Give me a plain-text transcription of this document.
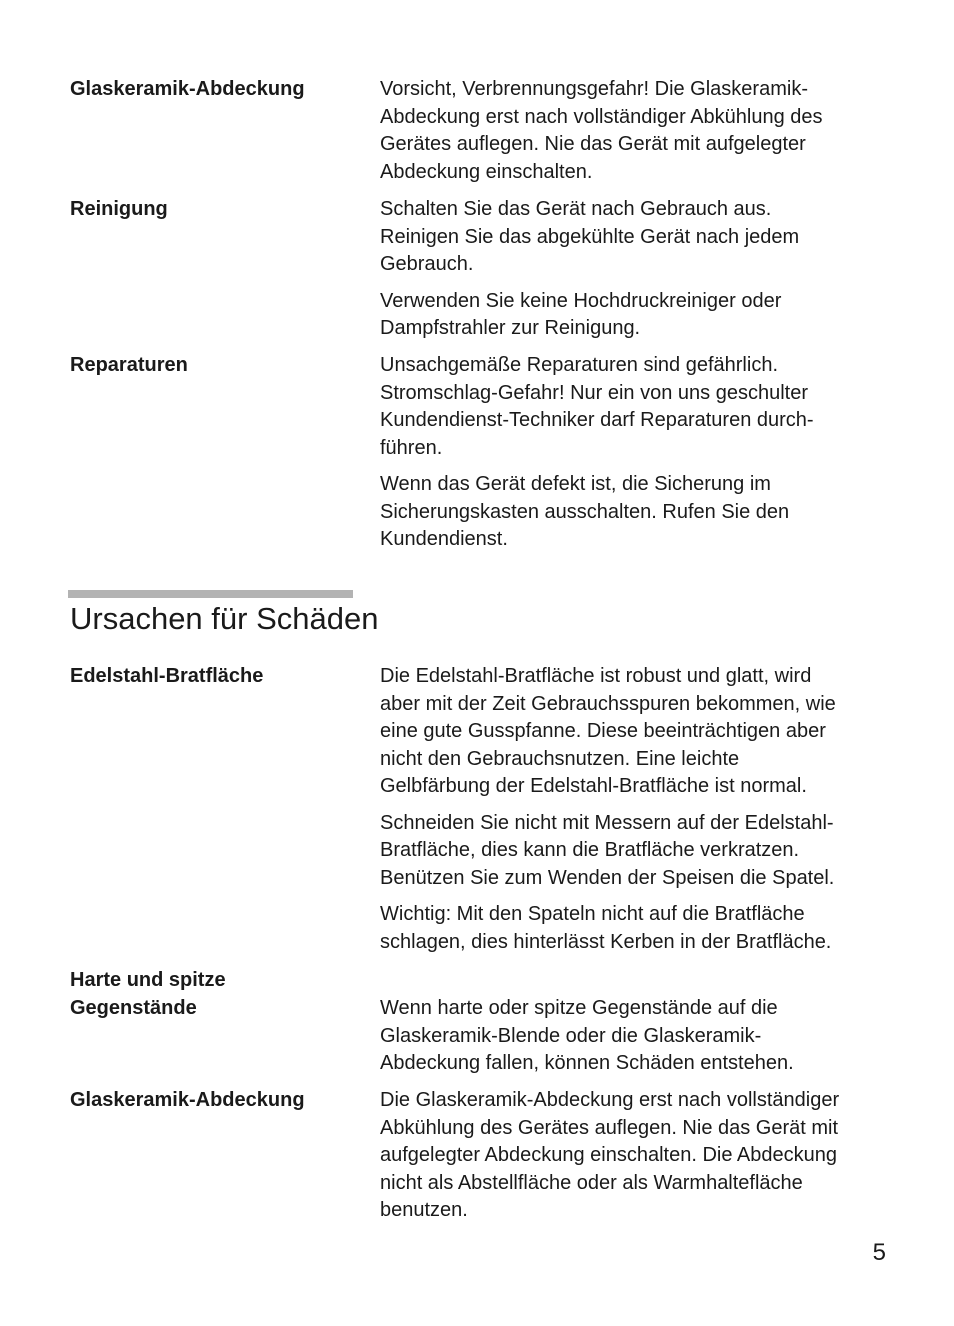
Glaskeramik-Abdeckung	Vorsicht, Verbrennungsgefahr! Die Glaskeramik-
Abdeckung erst nach vollständiger Abkühlung des
Gerätes auflegen. Nie das Gerät mit aufgelegter
Abdeckung einschalten.

Reinigung	Schalten Sie das Gerät nach Gebrauch aus.
Reinigen Sie das abgekühlte Gerät nach jedem
Gebrauch.

Verwenden Sie keine Hochdruckreiniger oder
Dampfstrahler zur Reinigung.

Reparaturen	Unsachgemäße Reparaturen sind gefährlich.
Stromschlag-Gefahr! Nur ein von uns geschulter
Kundendienst-Techniker darf Reparaturen durch-
führen.

Wenn das Gerät defekt ist, die Sicherung im
Sicherungskasten ausschalten. Rufen Sie den
Kundendienst.

Ursachen für Schäden
Edelstahl-Bratfläche	Die Edelstahl-Bratfläche ist robust und glatt, wird
aber mit der Zeit Gebrauchsspuren bekommen, wie
eine gute Gusspfanne. Diese beeinträchtigen aber
nicht den Gebrauchsnutzen. Eine leichte
Gelbfärbung der Edelstahl-Bratfläche ist normal.

Schneiden Sie nicht mit Messern auf der Edelstahl-
Bratfläche, dies kann die Bratfläche verkratzen.
Benützen Sie zum Wenden der Speisen die Spatel.

Wichtig: Mit den Spateln nicht auf die Bratfläche
schlagen, dies hinterlässt Kerben in der Bratfläche.

Harte und spitze
Gegenstände	Wenn harte oder spitze Gegenstände auf die
Glaskeramik-Blende oder die Glaskeramik-
Abdeckung fallen, können Schäden entstehen.

Glaskeramik-Abdeckung	Die Glaskeramik-Abdeckung erst nach vollständiger
Abkühlung des Gerätes auflegen. Nie das Gerät mit
aufgelegter Abdeckung einschalten. Die Abdeckung
nicht als Abstellfläche oder als Warmhaltefläche
benutzen.

5
